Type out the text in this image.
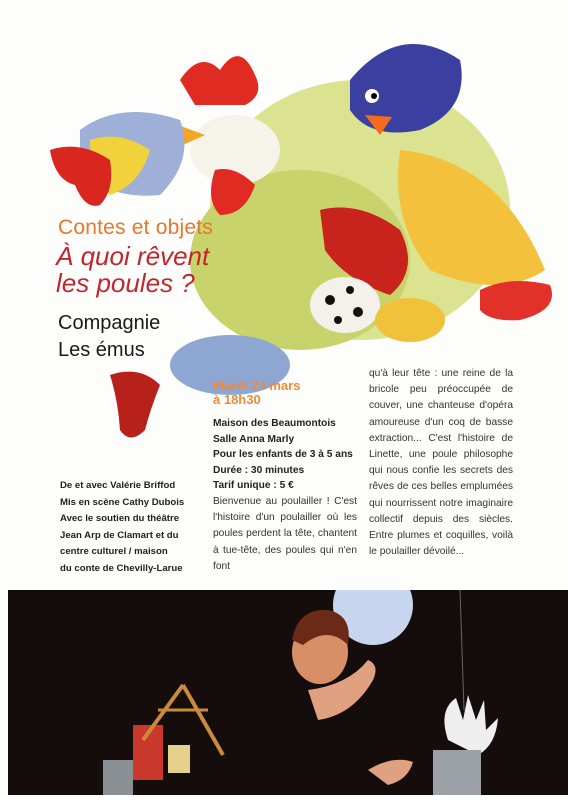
Contes et objets
À quoi rêvent
les poules ?
Compagnie
Les émus
Mardi 24 mars
à 18h30
Maison des Beaumontois
Salle Anna Marly
Pour les enfants de 3 à 5 ans
Durée : 30 minutes
Tarif unique : 5 €
De et avec Valérie Briffod
Mis en scène Cathy Dubois
Avec le soutien du théâtre
Jean Arp de Clamart et du
centre culturel / maison
du conte de Chevilly-Larue
Bienvenue au poulailler ! C'est l'histoire d'un poulailler où les poules perdent la tête, chantent à tue-tête, des poules qui n'en font
qu'à leur tête : une reine de la bricole peu préoccupée de couver, une chanteuse d'opéra amoureuse d'un coq de basse extraction... C'est l'histoire de Linette, une poule philosophe qui nous confie les secrets des rêves de ces belles emplumées qui nourrissent notre imaginaire collectif depuis des siècles. Entre plumes et coquilles, voilà le poulailler dévoilé...
